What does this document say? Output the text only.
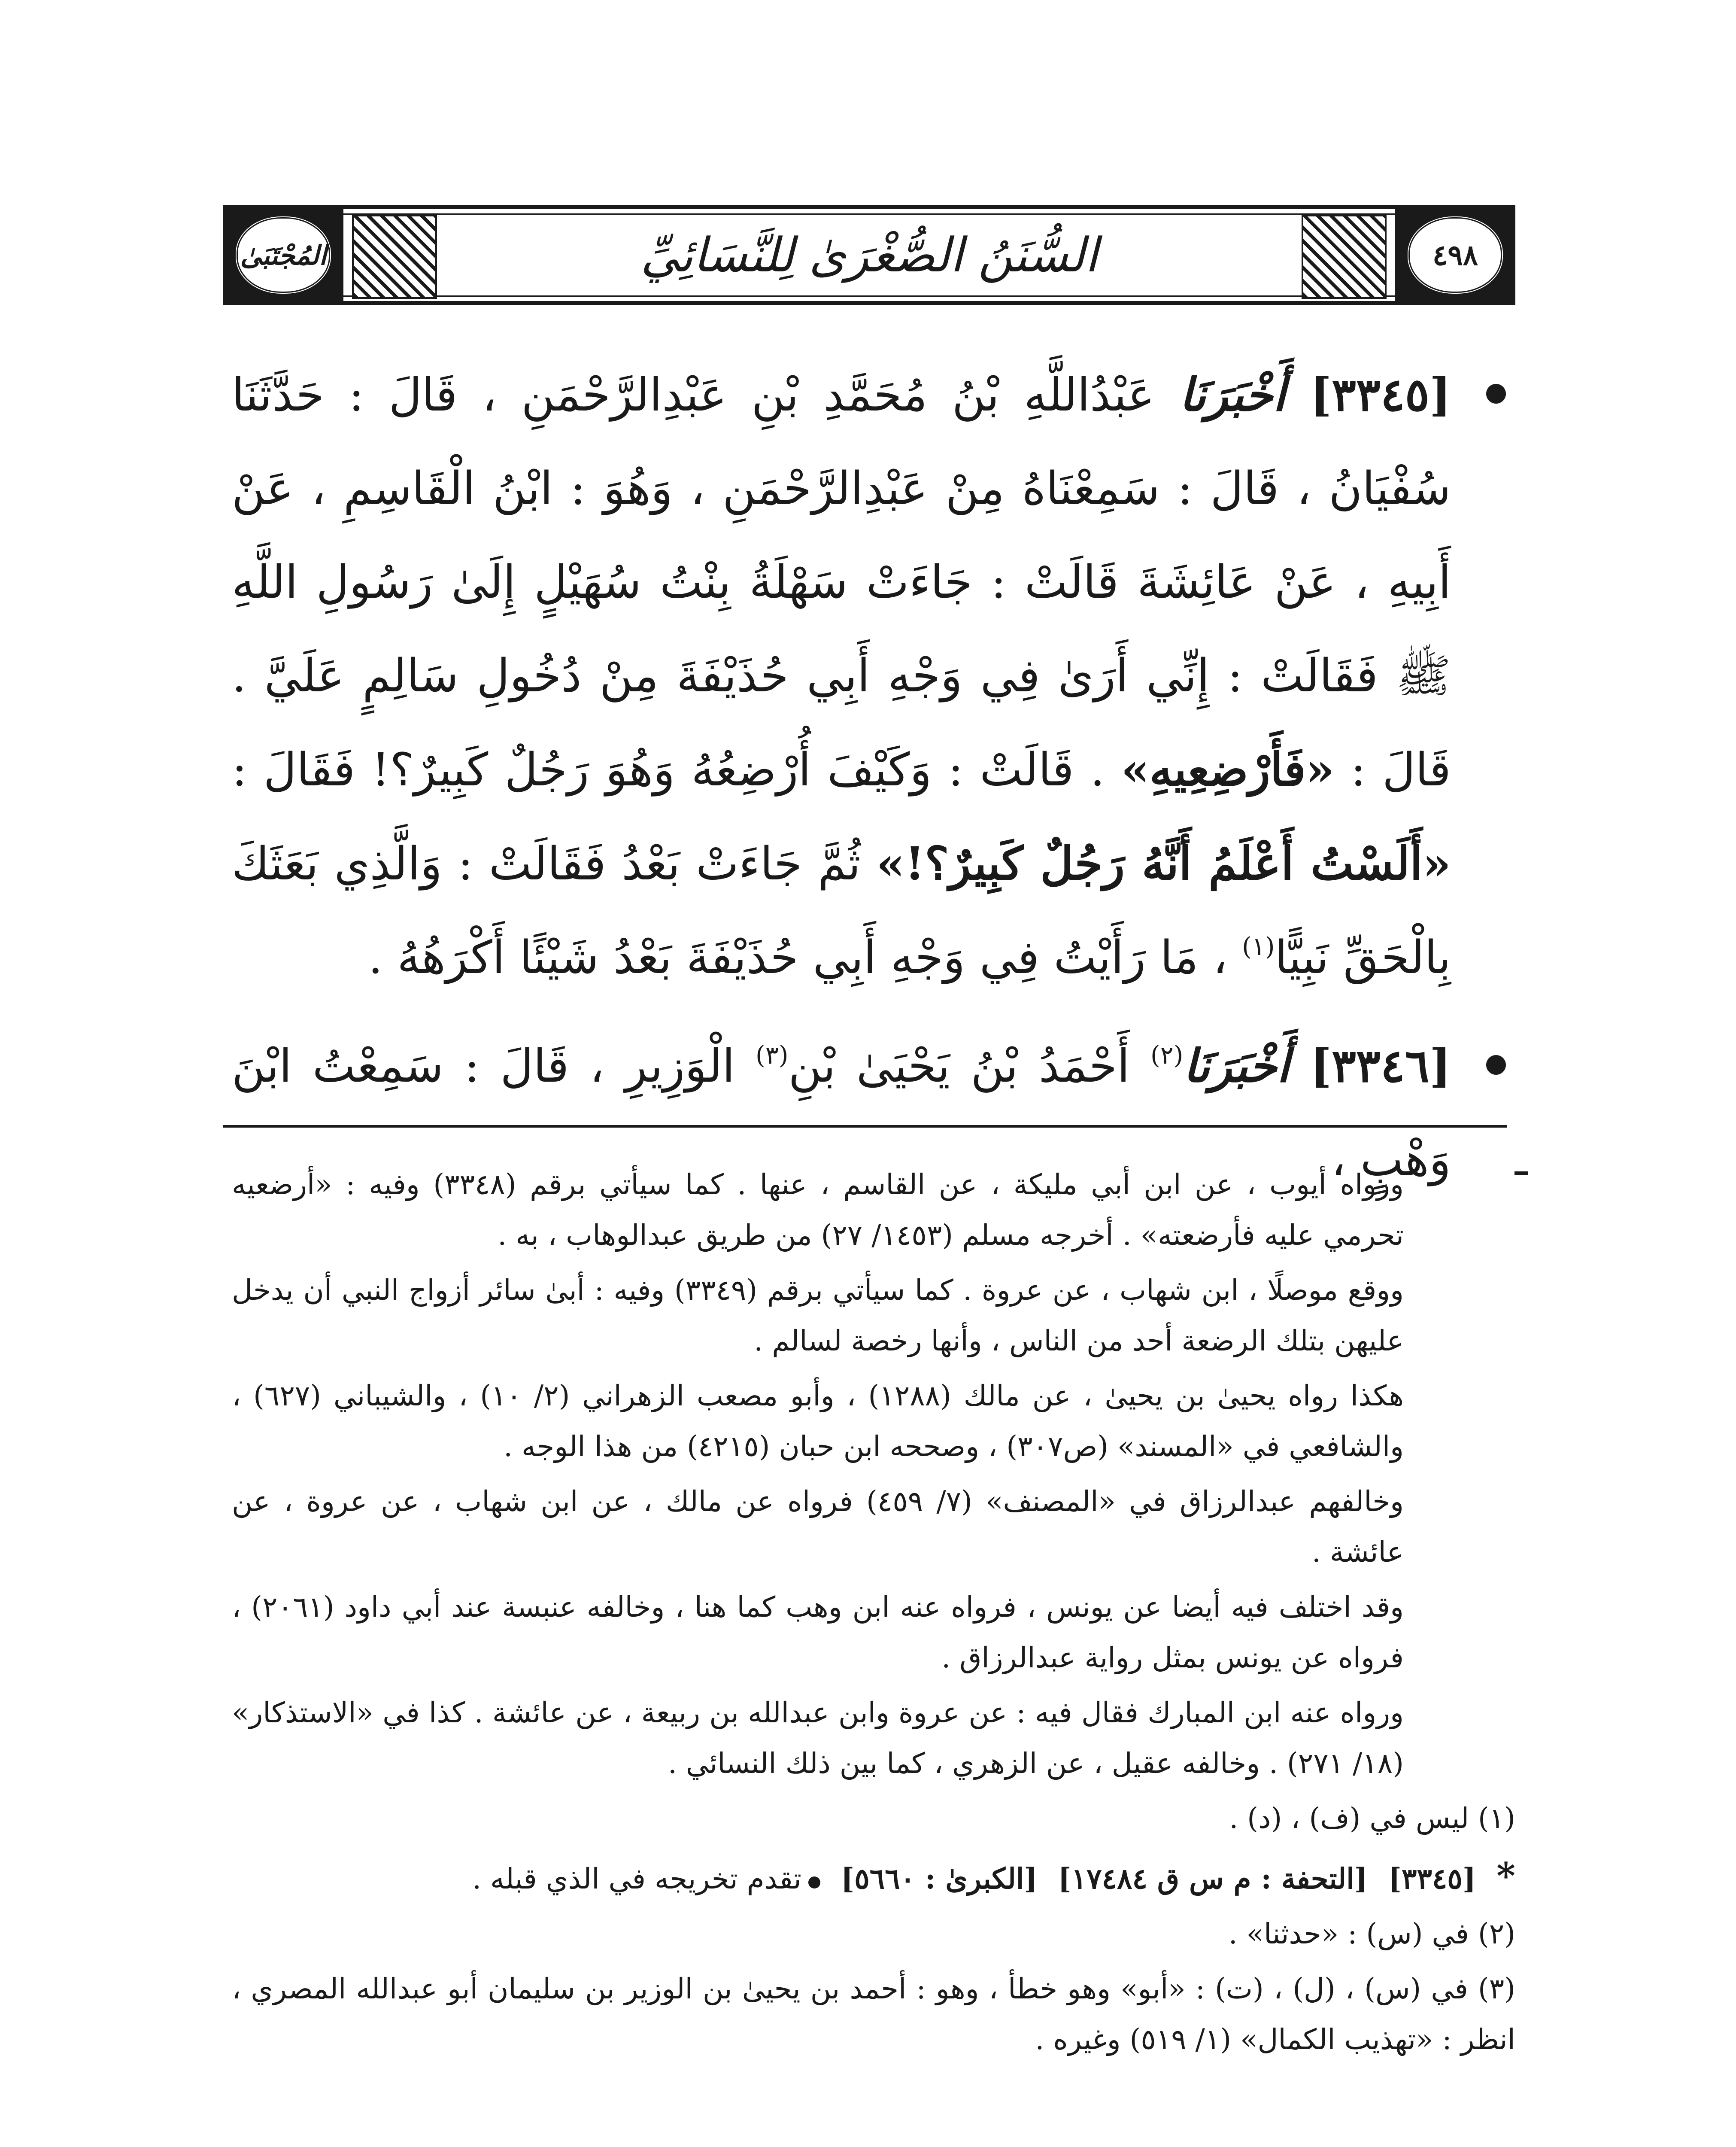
٤٩٨
السُّنَنُ الصُّغْرَىٰ لِلنَّسَائِيِّ
المُجْتَبَىٰ

[٣٣٤٥] أَخْبَرَنَا عَبْدُاللَّهِ بْنُ مُحَمَّدِ بْنِ عَبْدِالرَّحْمَنِ ، قَالَ : حَدَّثَنَا سُفْيَانُ ، قَالَ : سَمِعْنَاهُ مِنْ عَبْدِالرَّحْمَنِ ، وَهُوَ : ابْنُ الْقَاسِمِ ، عَنْ أَبِيهِ ، عَنْ عَائِشَةَ قَالَتْ : جَاءَتْ سَهْلَةُ بِنْتُ سُهَيْلٍ إِلَىٰ رَسُولِ اللَّهِ ﷺ فَقَالَتْ : إِنِّي أَرَىٰ فِي وَجْهِ أَبِي حُذَيْفَةَ مِنْ دُخُولِ سَالِمٍ عَلَيَّ . قَالَ : «فَأَرْضِعِيهِ» . قَالَتْ : وَكَيْفَ أُرْضِعُهُ وَهُوَ رَجُلٌ كَبِيرٌ؟! فَقَالَ : «أَلَسْتُ أَعْلَمُ أَنَّهُ رَجُلٌ كَبِيرٌ؟!» ثُمَّ جَاءَتْ بَعْدُ فَقَالَتْ : وَالَّذِي بَعَثَكَ بِالْحَقِّ نَبِيًّا$^{(١)}$ ، مَا رَأَيْتُ فِي وَجْهِ أَبِي حُذَيْفَةَ بَعْدُ شَيْئًا أَكْرَهُهُ .

[٣٣٤٦] أَخْبَرَنَا$^{(٢)}$ أَحْمَدُ بْنُ يَحْيَىٰ بْنِ$^{(٣)}$ الْوَزِيرِ ، قَالَ : سَمِعْتُ ابْنَ وَهْبٍ ،

ورواه أيوب ، عن ابن أبي مليكة ، عن القاسم ، عنها . كما سيأتي برقم (٣٣٤٨) وفيه : «أرضعيه تحرمي عليه فأرضعته» . أخرجه مسلم (١٤٥٣/ ٢٧) من طريق عبدالوهاب ، به .

ووقع موصلًا ، ابن شهاب ، عن عروة . كما سيأتي برقم (٣٣٤٩) وفيه : أبىٰ سائر أزواج النبي أن يدخل عليهن بتلك الرضعة أحد من الناس ، وأنها رخصة لسالم .

هكذا رواه يحيىٰ بن يحيىٰ ، عن مالك (١٢٨٨) ، وأبو مصعب الزهراني (٢/ ١٠) ، والشيباني (٦٢٧) ، والشافعي في «المسند» (ص٣٠٧) ، وصححه ابن حبان (٤٢١٥) من هذا الوجه .

وخالفهم عبدالرزاق في «المصنف» (٧/ ٤٥٩) فرواه عن مالك ، عن ابن شهاب ، عن عروة ، عن عائشة .

وقد اختلف فيه أيضا عن يونس ، فرواه عنه ابن وهب كما هنا ، وخالفه عنبسة عند أبي داود (٢٠٦١) ، فرواه عن يونس بمثل رواية عبدالرزاق .

ورواه عنه ابن المبارك فقال فيه : عن عروة وابن عبدالله بن ربيعة ، عن عائشة . كذا في «الاستذكار» (١٨/ ٢٧١) . وخالفه عقيل ، عن الزهري ، كما بين ذلك النسائي .

(١) ليس في (ف) ، (د) .

*
[٣٣٤٥]
[التحفة : م س ق ١٧٤٨٤]
[الكبرىٰ : ٥٦٦٠]
تقدم تخريجه في الذي قبله .

(٢) في (س) : «حدثنا» .

(٣) في (س) ، (ل) ، (ت) : «أبو» وهو خطأ ، وهو : أحمد بن يحيىٰ بن الوزير بن سليمان أبو عبدالله المصري ، انظر : «تهذيب الكمال» (١/ ٥١٩) وغيره .
